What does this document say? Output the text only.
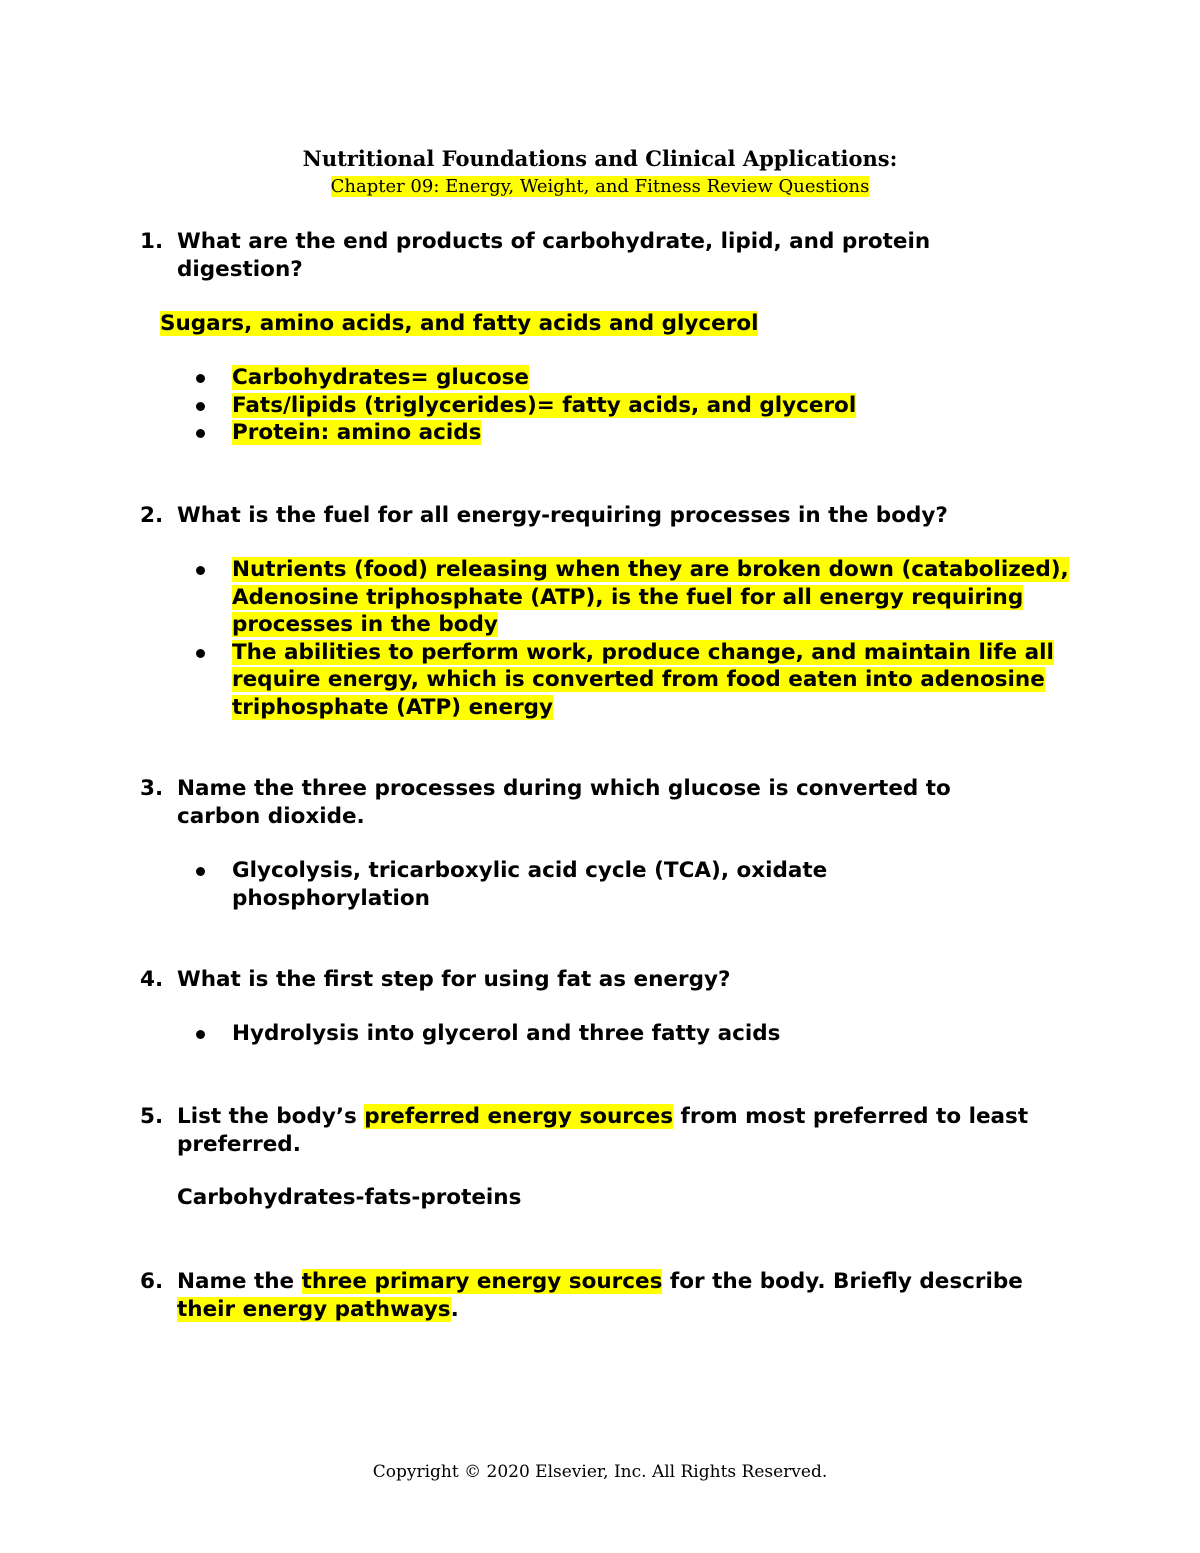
Nutritional Foundations and Clinical Applications:
Chapter 09: Energy, Weight, and Fitness Review Questions
1. What are the end products of carbohydrate, lipid, and protein digestion?
Sugars, amino acids, and fatty acids and glycerol
Carbohydrates= glucose
Fats/lipids (triglycerides)= fatty acids, and glycerol
Protein: amino acids
2. What is the fuel for all energy-requiring processes in the body?
Nutrients (food) releasing when they are broken down (catabolized), Adenosine triphosphate (ATP), is the fuel for all energy requiring processes in the body
The abilities to perform work, produce change, and maintain life all require energy, which is converted from food eaten into adenosine triphosphate (ATP) energy
3. Name the three processes during which glucose is converted to carbon dioxide.
Glycolysis, tricarboxylic acid cycle (TCA), oxidate phosphorylation
4. What is the first step for using fat as energy?
Hydrolysis into glycerol and three fatty acids
5. List the body’s preferred energy sources from most preferred to least preferred.
Carbohydrates-fats-proteins
6. Name the three primary energy sources for the body. Briefly describe their energy pathways.
Copyright © 2020 Elsevier, Inc. All Rights Reserved.
